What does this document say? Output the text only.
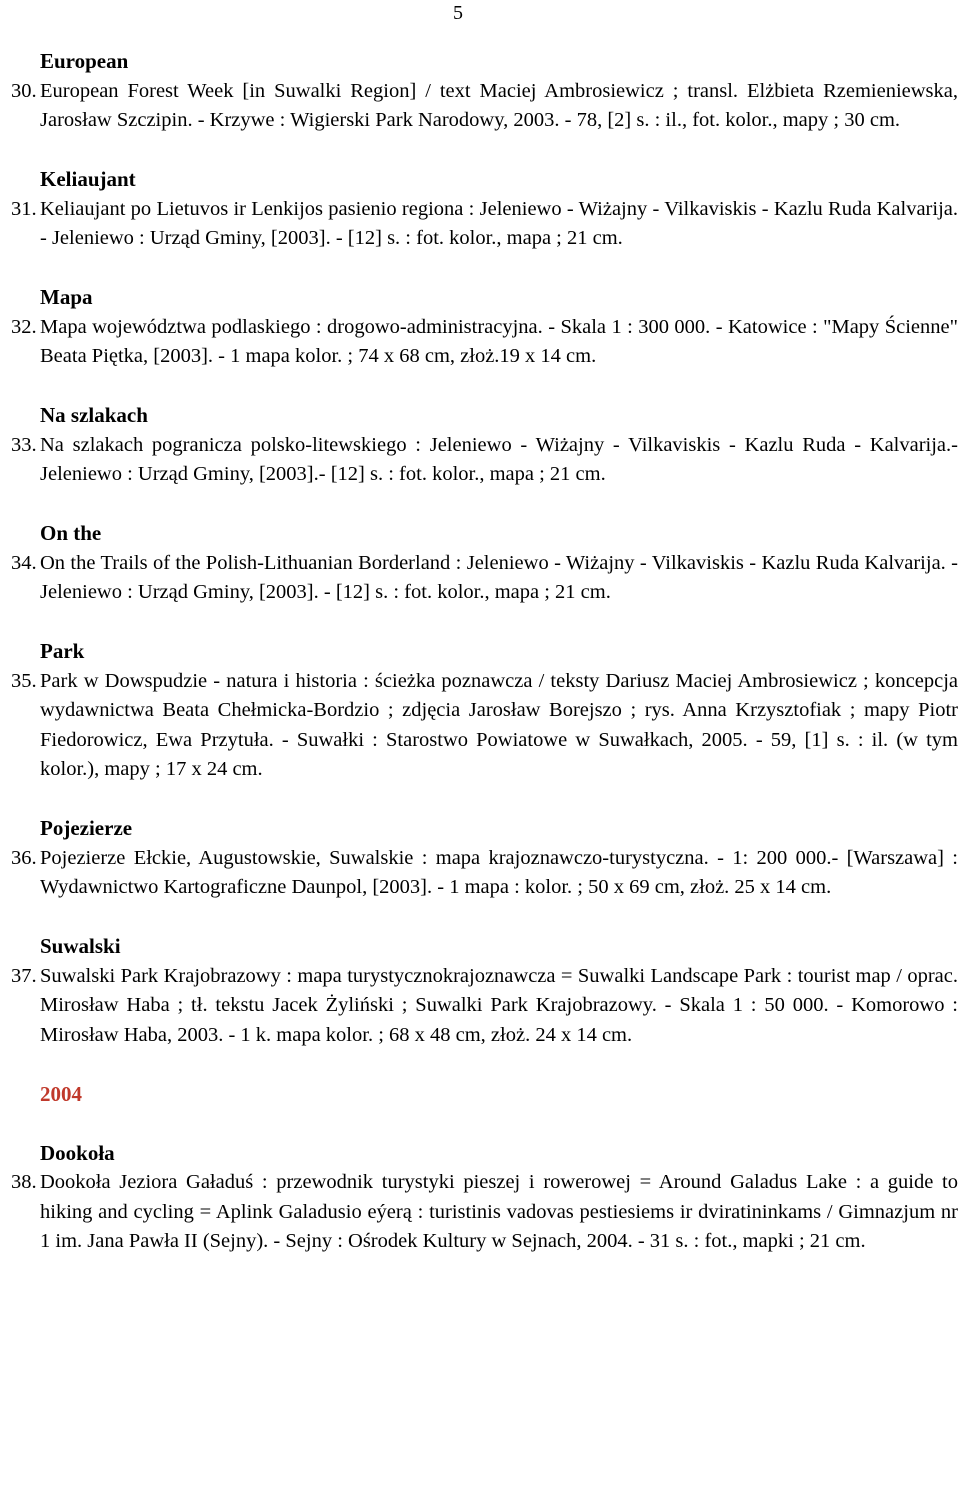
5
European
30. European Forest Week [in Suwalki Region] / text Maciej Ambrosiewicz ; transl. Elżbieta Rzemieniewska, Jarosław Szczipin. - Krzywe : Wigierski Park Narodowy, 2003. - 78, [2] s. : il., fot. kolor., mapy ; 30 cm.
Keliaujant
31. Keliaujant po Lietuvos ir Lenkijos pasienio regiona : Jeleniewo - Wiżajny - Vilkaviskis - Kazlu Ruda Kalvarija. - Jeleniewo : Urząd Gminy, [2003]. - [12] s. : fot. kolor., mapa ; 21 cm.
Mapa
32. Mapa województwa podlaskiego : drogowo-administracyjna. - Skala 1 : 300 000. - Katowice : "Mapy Ścienne" Beata Piętka, [2003]. - 1 mapa kolor. ; 74 x 68 cm, złoż.19 x 14 cm.
Na szlakach
33. Na szlakach pogranicza polsko-litewskiego : Jeleniewo - Wiżajny - Vilkaviskis - Kazlu Ruda - Kalvarija.- Jeleniewo : Urząd Gminy, [2003].- [12] s. : fot. kolor., mapa ; 21 cm.
On the
34. On the Trails of the Polish-Lithuanian Borderland : Jeleniewo - Wiżajny - Vilkaviskis - Kazlu Ruda Kalvarija. - Jeleniewo : Urząd Gminy, [2003]. - [12] s. : fot. kolor., mapa ; 21 cm.
Park
35. Park w Dowspudzie - natura i historia : ścieżka poznawcza / teksty Dariusz Maciej Ambrosiewicz ; koncepcja wydawnictwa Beata Chełmicka-Bordzio ; zdjęcia Jarosław Borejszo ; rys. Anna Krzysztofiak ; mapy Piotr Fiedorowicz, Ewa Przytuła. - Suwałki : Starostwo Powiatowe w Suwałkach, 2005. - 59, [1] s. : il. (w tym kolor.), mapy ; 17 x 24 cm.
Pojezierze
36. Pojezierze Ełckie, Augustowskie, Suwalskie : mapa krajoznawczo-turystyczna. - 1: 200 000.- [Warszawa] : Wydawnictwo Kartograficzne Daunpol, [2003]. - 1 mapa : kolor. ; 50 x 69 cm, złoż. 25 x 14 cm.
Suwalski
37. Suwalski Park Krajobrazowy : mapa turystycznokrajoznawcza = Suwalki Landscape Park : tourist map / oprac. Mirosław Haba ; tł. tekstu Jacek Żyliński ; Suwalki Park Krajobrazowy. - Skala 1 : 50 000. - Komorowo : Mirosław Haba, 2003. - 1 k. mapa kolor. ; 68 x 48 cm, złoż. 24 x 14 cm.
2004
Dookoła
38. Dookoła Jeziora Gaładuś : przewodnik turystyki pieszej i rowerowej = Around Galadus Lake : a guide to hiking and cycling = Aplink Galadusio eýerą : turistinis vadovas pestiesiems ir dviratininkams / Gimnazjum nr 1 im. Jana Pawła II (Sejny). - Sejny : Ośrodek Kultury w Sejnach, 2004. - 31 s. : fot., mapki ; 21 cm.
